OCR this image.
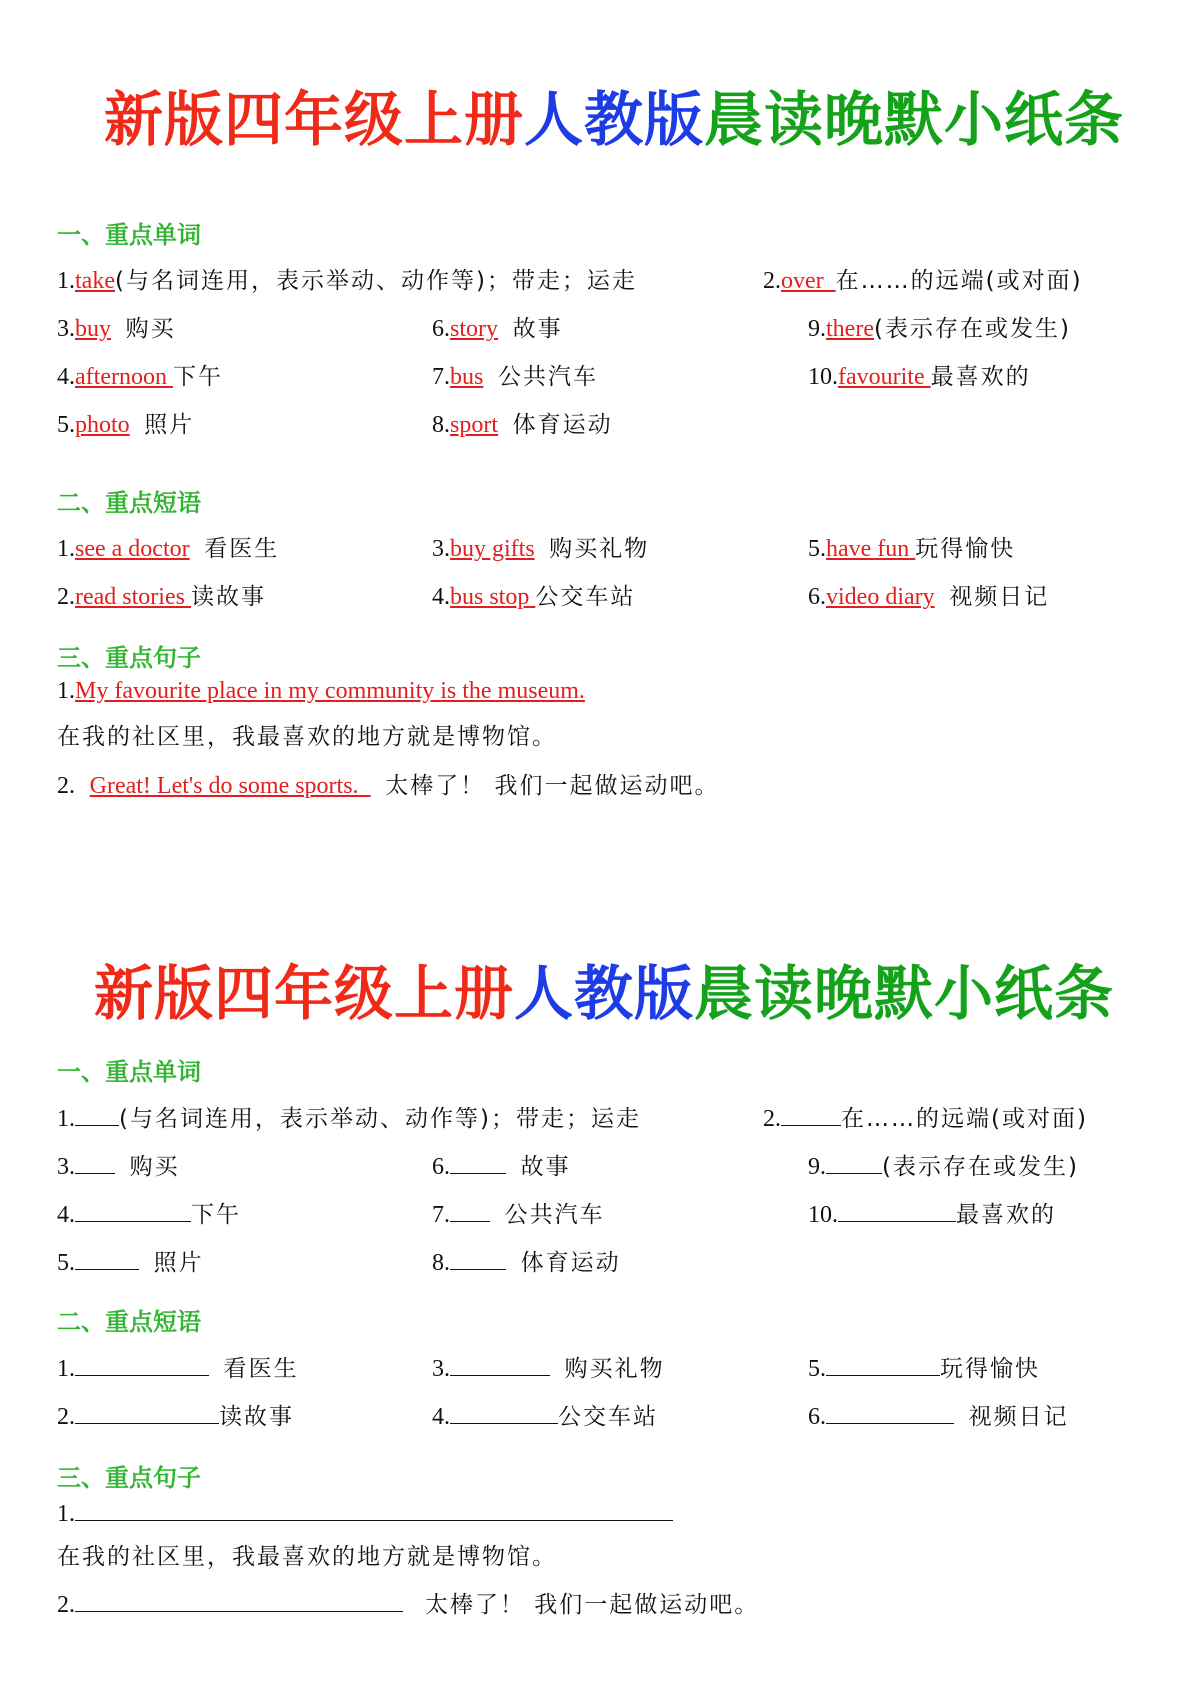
新版四年级上册人教版晨读晚默小纸条
一、重点单词
1.take(与名词连用，表示举动、动作等)；带走；运走	2.over 在……的远端(或对面)
3.buy 购买	6.story 故事	9.there(表示存在或发生)
4.afternoon 下午	7.bus 公共汽车	10.favourite 最喜欢的
5.photo 照片	8.sport 体育运动
二、重点短语
1.see a doctor 看医生	3.buy gifts 购买礼物	5.have fun 玩得愉快
2.read stories 读故事	4.bus stop 公交车站	6.video diary 视频日记
三、重点句子
1.My favourite place in my community is the museum.
在我的社区里，我最喜欢的地方就是博物馆。
2. Great! Let's do some sports. 太棒了！ 我们一起做运动吧。
新版四年级上册人教版晨读晚默小纸条
一、重点单词
1. (与名词连用，表示举动、动作等)；带走；运走	2.	在……的远端(或对面)
3. 购买	6.	故事	9. (表示存在或发生)
4.	下午	7. 公共汽车	10.	最喜欢的
5.	照片	8.	体育运动
二、重点短语
1.	看医生	3.	购买礼物	5.	玩得愉快
2.	读故事	4.	公交车站	6.	视频日记
三、重点句子
1.
在我的社区里，我最喜欢的地方就是博物馆。
2.	太棒了！ 我们一起做运动吧。
